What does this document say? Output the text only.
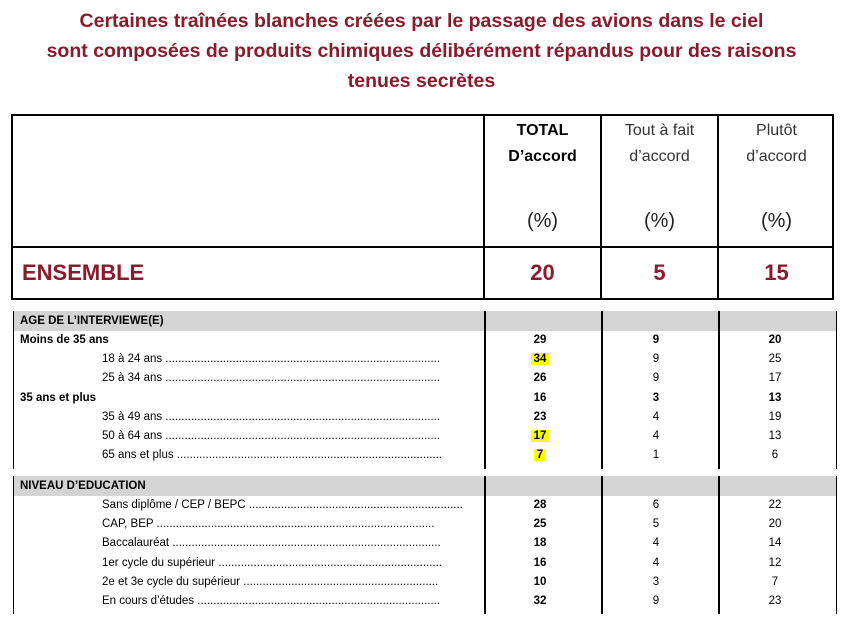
Certaines traînées blanches créées par le passage des avions dans le ciel
sont composées de produits chimiques délibérément répandus pour des raisons
tenues secrètes
TOTAL
D’accord
Tout à fait
d’accord
Plutôt
d’accord
(%)	(%)	(%)
ENSEMBLE	20	5	15
AGE DE L’INTERVIEWE(E)
Moins de 35 ans	29	9	20
18 à 24 ans ......................................................................................	34	9	25
25 à 34 ans ......................................................................................	26	9	17
35 ans et plus	16	3	13
35 à 49 ans ......................................................................................	23	4	19
50 à 64 ans ......................................................................................	17	4	13
65 ans et plus ...................................................................................	7	1	6
NIVEAU D’EDUCATION
Sans diplôme / CEP / BEPC ...................................................................	28	6	22
CAP, BEP .......................................................................................	25	5	20
Baccalauréat ....................................................................................	18	4	14
1er cycle du supérieur ......................................................................	16	4	12
2e et 3e cycle du supérieur .............................................................	10	3	7
En cours d’études ............................................................................	32	9	23
